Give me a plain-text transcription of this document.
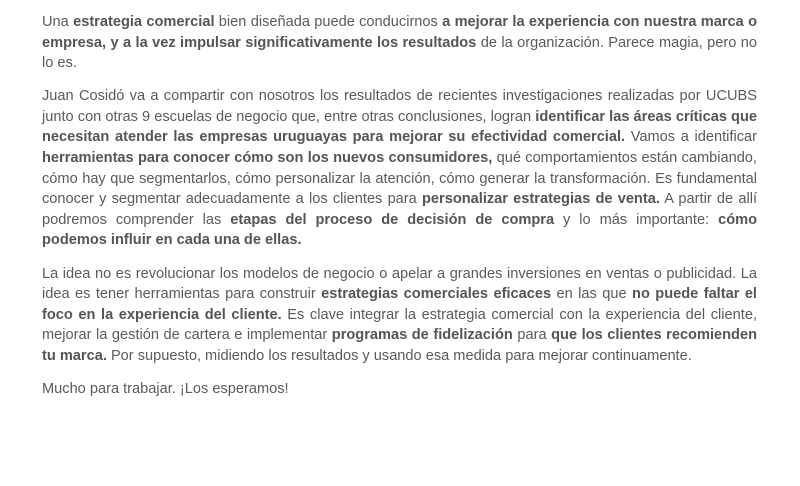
Una estrategia comercial bien diseñada puede conducirnos a mejorar la experiencia con nuestra marca o empresa, y a la vez impulsar significativamente los resultados de la organización. Parece magia, pero no lo es.

Juan Cosidó va a compartir con nosotros los resultados de recientes investigaciones realizadas por UCUBS junto con otras 9 escuelas de negocio que, entre otras conclusiones, logran identificar las áreas críticas que necesitan atender las empresas uruguayas para mejorar su efectividad comercial. Vamos a identificar herramientas para conocer cómo son los nuevos consumidores, qué comportamientos están cambiando, cómo hay que segmentarlos, cómo personalizar la atención, cómo generar la transformación. Es fundamental conocer y segmentar adecuadamente a los clientes para personalizar estrategias de venta. A partir de allí podremos comprender las etapas del proceso de decisión de compra y lo más importante: cómo podemos influir en cada una de ellas.

La idea no es revolucionar los modelos de negocio o apelar a grandes inversiones en ventas o publicidad. La idea es tener herramientas para construir estrategias comerciales eficaces en las que no puede faltar el foco en la experiencia del cliente. Es clave integrar la estrategia comercial con la experiencia del cliente, mejorar la gestión de cartera e implementar programas de fidelización para que los clientes recomienden tu marca. Por supuesto, midiendo los resultados y usando esa medida para mejorar continuamente.

Mucho para trabajar. ¡Los esperamos!
